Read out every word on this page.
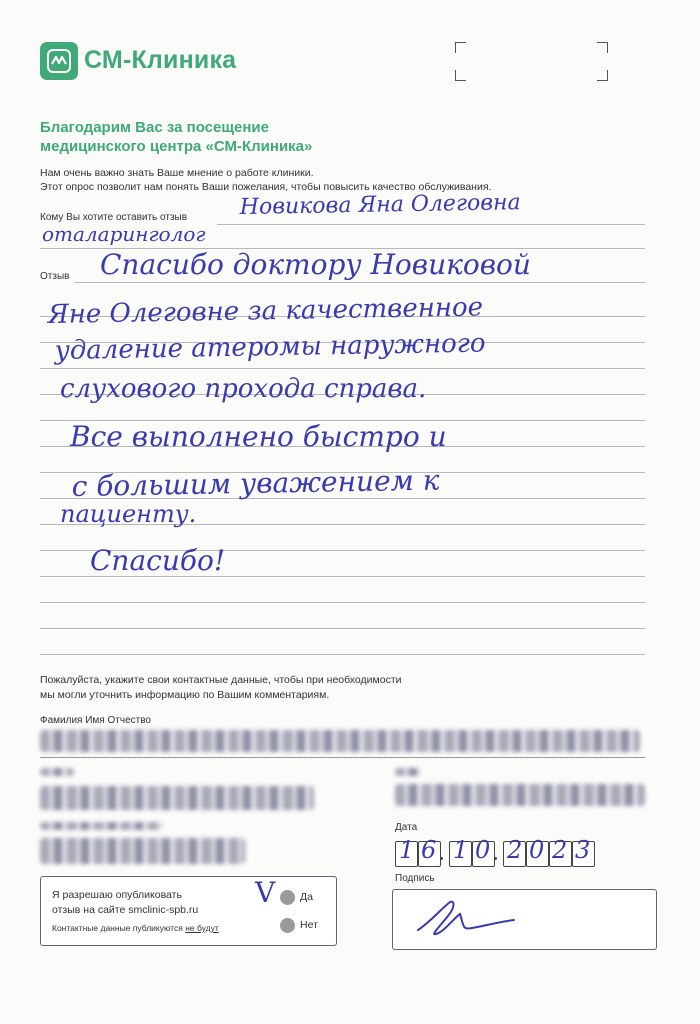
СМ-Клиника
Благодарим Вас за посещение
медицинского центра «СМ-Клиника»
Нам очень важно знать Ваше мнение о работе клиники.
Этот опрос позволит нам понять Ваши пожелания, чтобы повысить качество обслуживания.
Кому Вы хотите оставить отзыв Новикова Яна Олеговна
оталарингoлог
Отзыв Спасибо доктору Новиковой
Яне Олеговне за качественное
удаление атеромы наружного
слухового прохода справа.
Все выполнено быстро и
с большим уважением к
пациенту.
Спасибо!
Пожалуйста, укажите свои контактные данные, чтобы при необходимости
мы могли уточнить информацию по Вашим комментариям.
Фамилия Имя Отчество
Дата
1 6 1 0 2 0 2 3
Я разрешаю опубликовать
отзыв на сайте smclinic-spb.ru
Контактные данные публикуются не будут
V Да
Нет
Подпись
